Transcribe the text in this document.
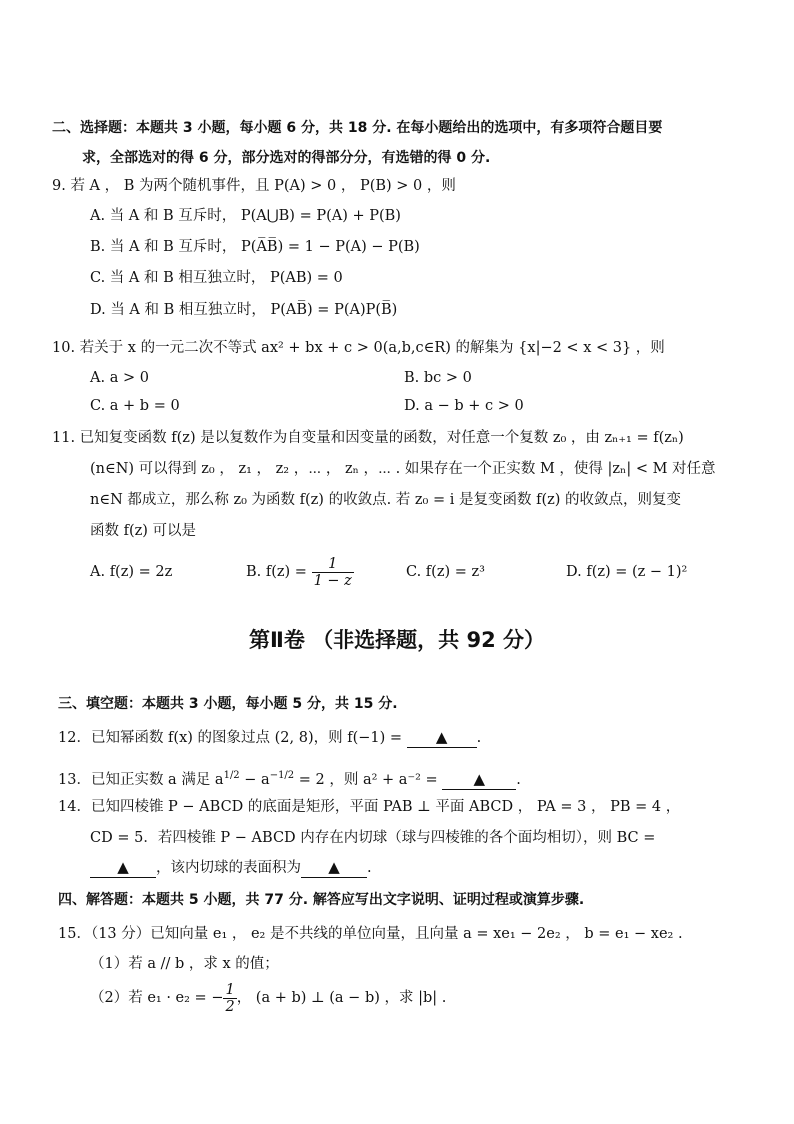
二、选择题：本题共 3 小题，每小题 6 分，共 18 分. 在每小题给出的选项中，有多项符合题目要
求，全部选对的得 6 分，部分选对的得部分分，有选错的得 0 分.
9. 若 A ， B 为两个随机事件，且 P(A) > 0 ， P(B) > 0 ，则
A. 当 A 和 B 互斥时， P(A⋃B) = P(A) + P(B)
B. 当 A 和 B 互斥时， P(A̅B̅) = 1 − P(A) − P(B)
C. 当 A 和 B 相互独立时， P(AB) = 0
D. 当 A 和 B 相互独立时， P(AB̅) = P(A)P(B̅)
10. 若关于 x 的一元二次不等式 ax² + bx + c > 0(a,b,c∈R) 的解集为 {x|−2 < x < 3} ，则
A. a > 0	B. bc > 0
C. a + b = 0	D. a − b + c > 0
11. 已知复变函数 f(z) 是以复数作为自变量和因变量的函数，对任意一个复数 z₀ ，由 zₙ₊₁ = f(zₙ)
(n∈N) 可以得到 z₀ ， z₁ ， z₂ ，⋯ ， zₙ ，⋯ . 如果存在一个正实数 M ，使得 |zₙ| < M 对任意
n∈N 都成立，那么称 z₀ 为函数 f(z) 的收敛点. 若 z₀ = i 是复变函数 f(z) 的收敛点，则复变
函数 f(z) 可以是
A. f(z) = 2z	B. $f(z) = \frac{1}{1 - z}$	C. f(z) = z³	D. f(z) = (z − 1)²
第Ⅱ卷 （非选择题，共 92 分）
三、填空题：本题共 3 小题，每小题 5 分，共 15 分.
12．已知幂函数 f(x) 的图象过点 (2, 8)，则 f(−1) = ▲ .
13．已知正实数 a 满足 $a^{1/2} - a^{-1/2} = 2$ ，则 a² + a⁻² = ▲ .
14．已知四棱锥 P − ABCD 的底面是矩形，平面 PAB ⊥ 平面 ABCD ， PA = 3 ， PB = 4 ，
CD = 5．若四棱锥 P − ABCD 内存在内切球（球与四棱锥的各个面均相切），则 BC =
▲ ，该内切球的表面积为 ▲ .
四、解答题：本题共 5 小题，共 77 分. 解答应写出文字说明、证明过程或演算步骤.
15．（13 分）已知向量 e₁ ， e₂ 是不共线的单位向量，且向量 a = xe₁ − 2e₂ ， b = e₁ − xe₂ .
（1）若 a // b ，求 x 的值；
（2）若 e₁ · e₂ = − $\frac{1}{2}$ ， (a + b) ⊥ (a − b) ，求 |b| .
